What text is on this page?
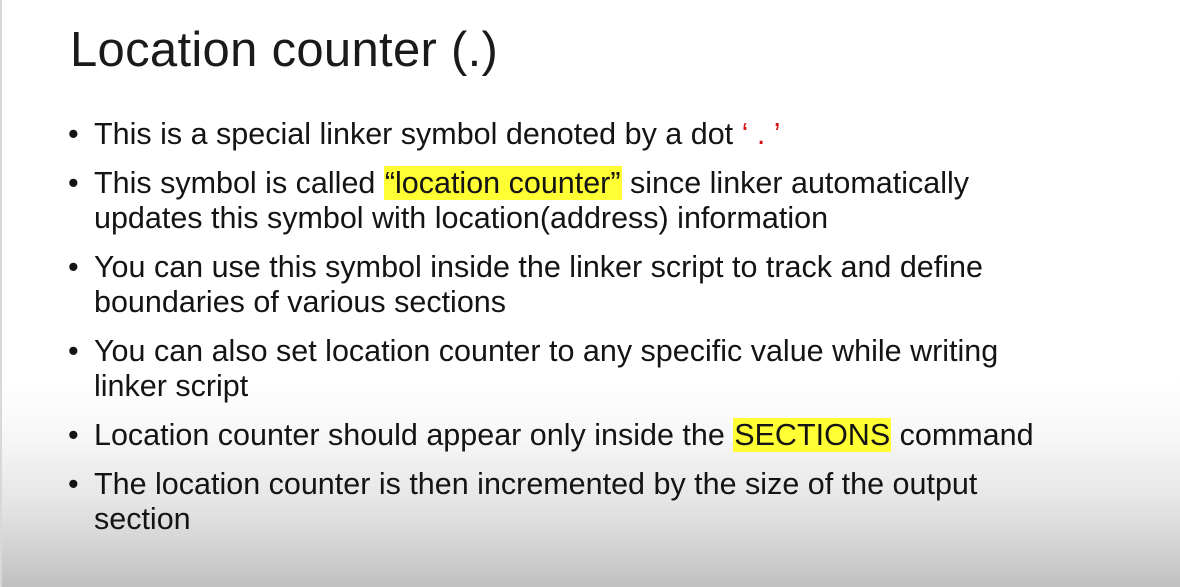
Location counter (.)
• This is a special linker symbol denoted by a dot ‘ . ’
• This symbol is called “location counter” since linker automatically
updates this symbol with location(address) information
• You can use this symbol inside the linker script to track and define
boundaries of various sections
• You can also set location counter to any specific value while writing
linker script
• Location counter should appear only inside the SECTIONS command
• The location counter is then incremented by the size of the output
section
